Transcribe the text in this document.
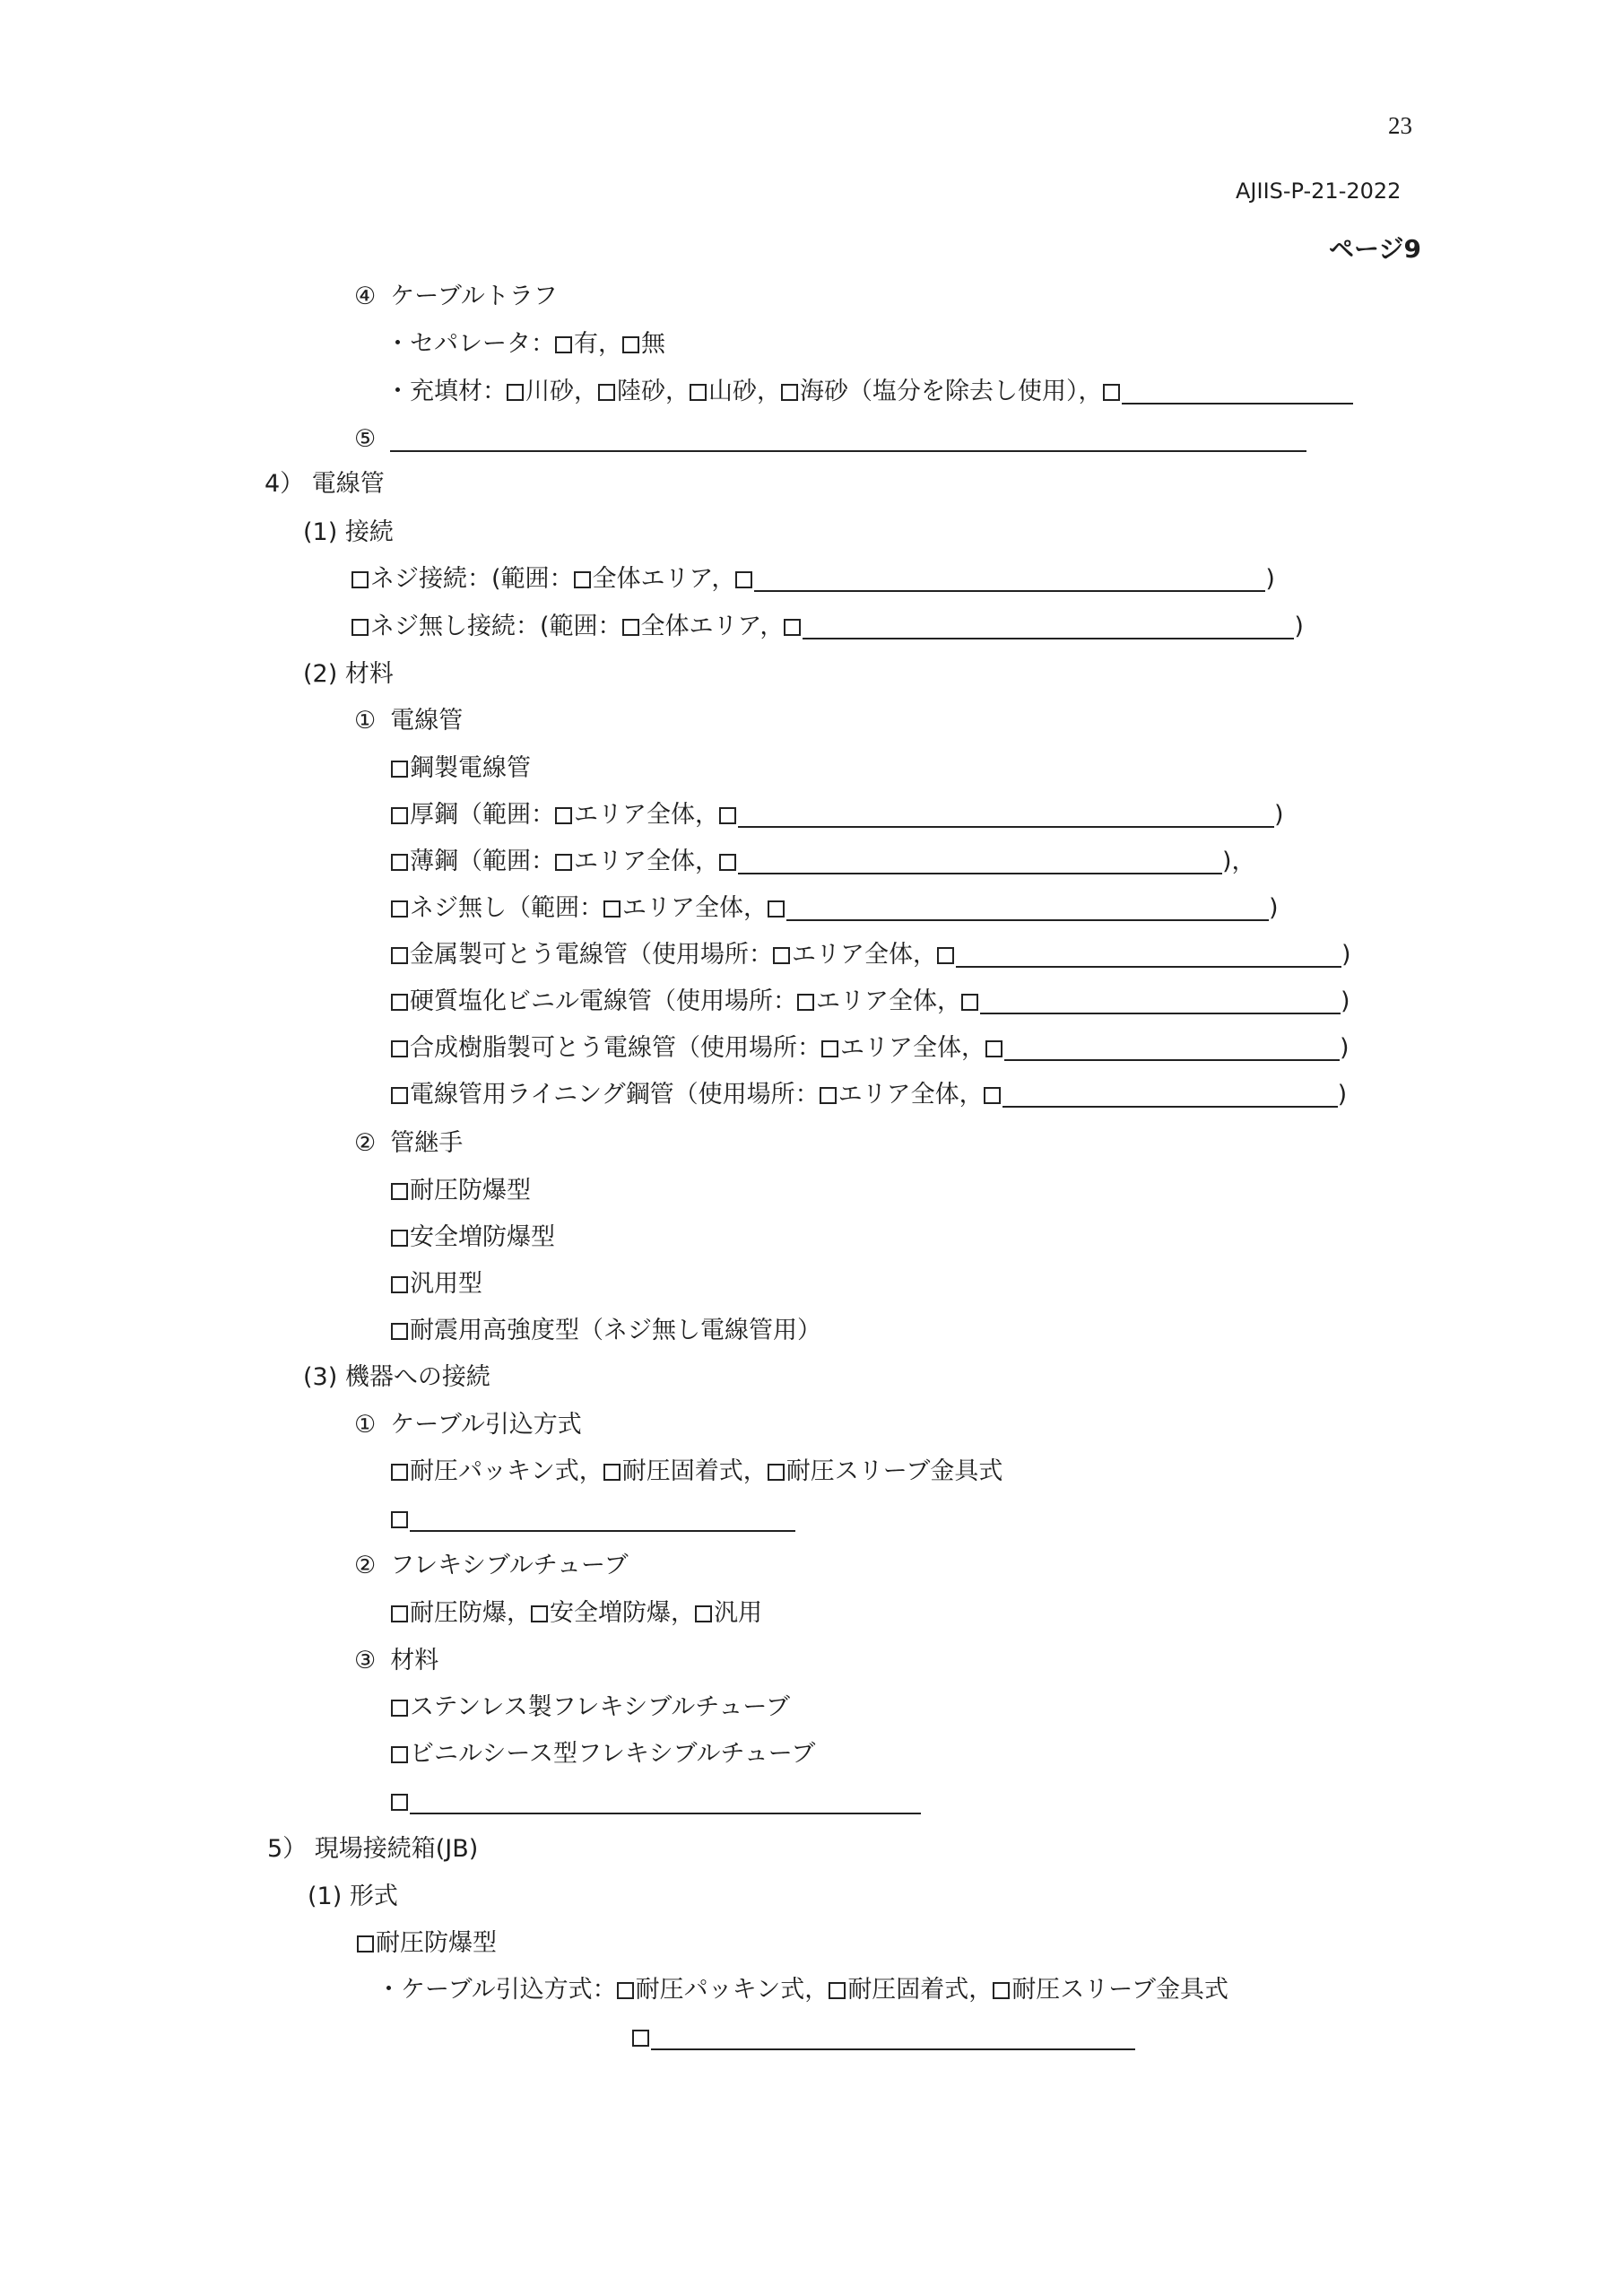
23
AJIIS-P-21-2022
ページ9
④ ケーブルトラフ
・セパレータ： 有， 無
・充填材： 川砂， 陸砂， 山砂， 海砂（塩分を除去し使用），
⑤
4） 電線管
(1) 接続
ネジ接続：(範囲： 全体エリア，	)
ネジ無し接続：(範囲： 全体エリア，	)
(2) 材料
① 電線管
鋼製電線管
厚鋼（範囲： エリア全体，	)
薄鋼（範囲： エリア全体，	)，
ネジ無し（範囲： エリア全体，	)
金属製可とう電線管（使用場所： エリア全体，	)
硬質塩化ビニル電線管（使用場所： エリア全体，	)
合成樹脂製可とう電線管（使用場所： エリア全体，	)
電線管用ライニング鋼管（使用場所： エリア全体，	)
② 管継手
耐圧防爆型
安全増防爆型
汎用型
耐震用高強度型（ネジ無し電線管用）
(3) 機器への接続
① ケーブル引込方式
耐圧パッキン式， 耐圧固着式， 耐圧スリーブ金具式
② フレキシブルチューブ
耐圧防爆， 安全増防爆， 汎用
③ 材料
ステンレス製フレキシブルチューブ
ビニルシース型フレキシブルチューブ
5） 現場接続箱(JB)
(1) 形式
耐圧防爆型
・ケーブル引込方式： 耐圧パッキン式， 耐圧固着式， 耐圧スリーブ金具式
